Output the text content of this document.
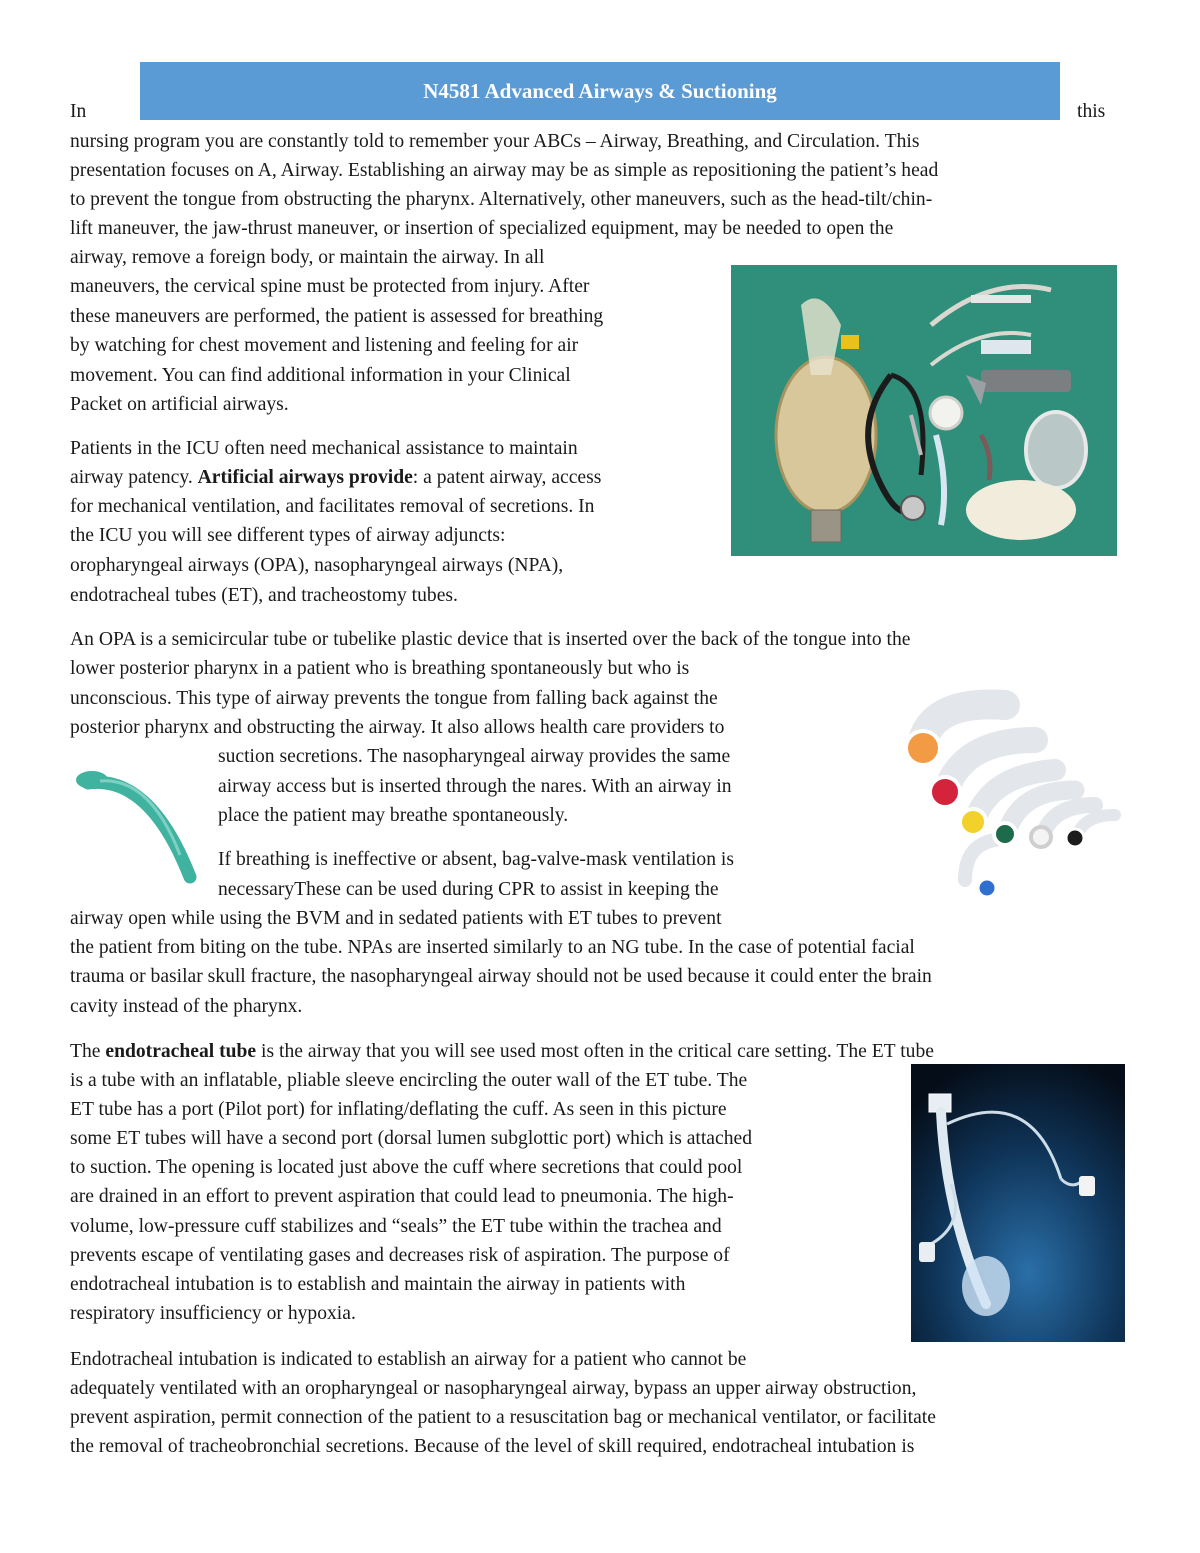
N4581 Advanced Airways & Suctioning
In	this
nursing program you are constantly told to remember your ABCs – Airway, Breathing, and Circulation. This
presentation focuses on A, Airway. Establishing an airway may be as simple as repositioning the patient’s head
to prevent the tongue from obstructing the pharynx. Alternatively, other maneuvers, such as the head-tilt/chin-
lift maneuver, the jaw-thrust maneuver, or insertion of specialized equipment, may be needed to open the
airway, remove a foreign body, or maintain the airway. In all
maneuvers, the cervical spine must be protected from injury. After
these maneuvers are performed, the patient is assessed for breathing
by watching for chest movement and listening and feeling for air
movement. You can find additional information in your Clinical
Packet on artificial airways.
Patients in the ICU often need mechanical assistance to maintain
airway patency. Artificial airways provide: a patent airway, access
for mechanical ventilation, and facilitates removal of secretions. In
the ICU you will see different types of airway adjuncts:
oropharyngeal airways (OPA), nasopharyngeal airways (NPA),
endotracheal tubes (ET), and tracheostomy tubes.
An OPA is a semicircular tube or tubelike plastic device that is inserted over the back of the tongue into the
lower posterior pharynx in a patient who is breathing spontaneously but who is
unconscious. This type of airway prevents the tongue from falling back against the
posterior pharynx and obstructing the airway. It also allows health care providers to
suction secretions. The nasopharyngeal airway provides the same
airway access but is inserted through the nares. With an airway in
place the patient may breathe spontaneously.
If breathing is ineffective or absent, bag-valve-mask ventilation is
necessaryThese can be used during CPR to assist in keeping the
airway open while using the BVM and in sedated patients with ET tubes to prevent
the patient from biting on the tube. NPAs are inserted similarly to an NG tube. In the case of potential facial
trauma or basilar skull fracture, the nasopharyngeal airway should not be used because it could enter the brain
cavity instead of the pharynx.
The endotracheal tube is the airway that you will see used most often in the critical care setting. The ET tube
is a tube with an inflatable, pliable sleeve encircling the outer wall of the ET tube. The
ET tube has a port (Pilot port) for inflating/deflating the cuff. As seen in this picture
some ET tubes will have a second port (dorsal lumen subglottic port) which is attached
to suction. The opening is located just above the cuff where secretions that could pool
are drained in an effort to prevent aspiration that could lead to pneumonia. The high-
volume, low-pressure cuff stabilizes and “seals” the ET tube within the trachea and
prevents escape of ventilating gases and decreases risk of aspiration. The purpose of
endotracheal intubation is to establish and maintain the airway in patients with
respiratory insufficiency or hypoxia.
Endotracheal intubation is indicated to establish an airway for a patient who cannot be
adequately ventilated with an oropharyngeal or nasopharyngeal airway, bypass an upper airway obstruction,
prevent aspiration, permit connection of the patient to a resuscitation bag or mechanical ventilator, or facilitate
the removal of tracheobronchial secretions. Because of the level of skill required, endotracheal intubation is
